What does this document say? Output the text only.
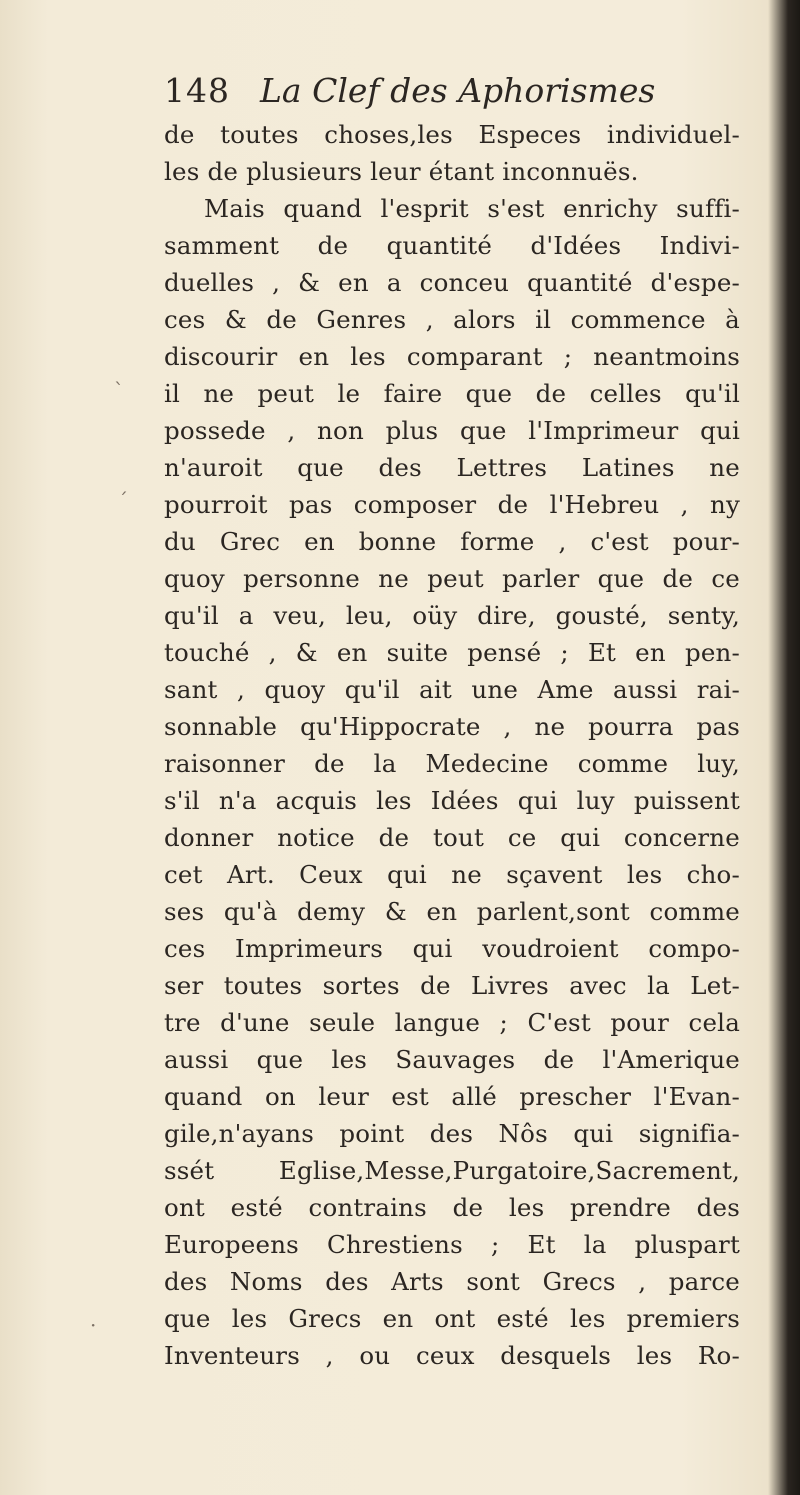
148 La Clef des Aphorismes
de toutes choses,les Especes individuel-
les de plusieurs leur étant inconnuës.
Mais quand l'esprit s'est enrichy suffi-
samment de quantité d'Idées Indivi-
duelles , & en a conceu quantité d'espe-
ces & de Genres , alors il commence à
discourir en les comparant ; neantmoins
il ne peut le faire que de celles qu'il
possede , non plus que l'Imprimeur qui
n'auroit que des Lettres Latines ne
pourroit pas composer de l'Hebreu , ny
du Grec en bonne forme , c'est pour-
quoy personne ne peut parler que de ce
qu'il a veu, leu, oüy dire, gousté, senty,
touché , & en suite pensé ; Et en pen-
sant , quoy qu'il ait une Ame aussi rai-
sonnable qu'Hippocrate , ne pourra pas
raisonner de la Medecine comme luy,
s'il n'a acquis les Idées qui luy puissent
donner notice de tout ce qui concerne
cet Art. Ceux qui ne sçavent les cho-
ses qu'à demy & en parlent,sont comme
ces Imprimeurs qui voudroient compo-
ser toutes sortes de Livres avec la Let-
tre d'une seule langue ; C'est pour cela
aussi que les Sauvages de l'Amerique
quand on leur est allé prescher l'Evan-
gile,n'ayans point des Nôs qui signifia-
ssét Eglise,Messe,Purgatoire,Sacrement,
ont esté contrains de les prendre des
Europeens Chrestiens ; Et la pluspart
des Noms des Arts sont Grecs , parce
que les Grecs en ont esté les premiers
Inventeurs , ou ceux desquels les Ro-
ˋ
ˊ
·
